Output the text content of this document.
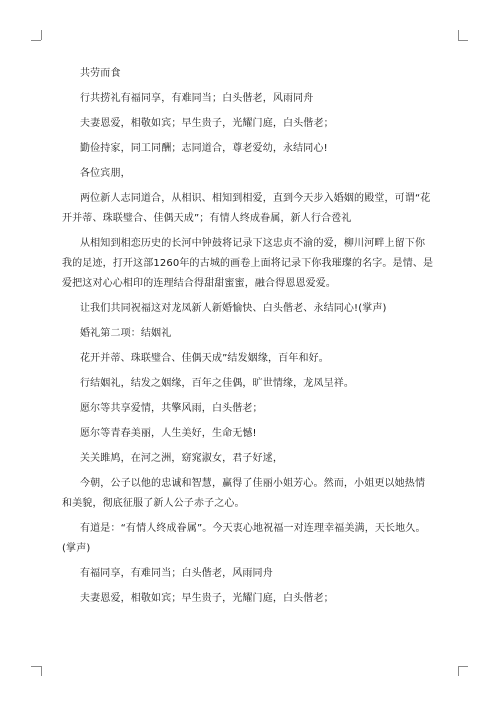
共劳而食

行共捞礼有福同享，有难同当；白头偕老，风雨同舟

夫妻恩爱，相敬如宾；早生贵子，光耀门庭，白头偕老；

勤俭持家，同工同酬；志同道合，尊老爱幼，永结同心!

各位宾朋，

两位新人志同道合，从相识、相知到相爱，直到今天步入婚姻的殿堂，可谓“花开并蒂、珠联璧合、佳偶天成”；有情人终成眷属，新人行合卺礼

从相知到相恋历史的长河中钟鼓将记录下这忠贞不渝的爱，柳川河畔上留下你我的足迹，打开这部1260年的古城的画卷上面将记录下你我璀璨的名字。是情、是爱把这对心心相印的连理结合得甜甜蜜蜜，融合得恩恩爱爱。

让我们共同祝福这对龙凤新人新婚愉快、白头偕老、永结同心!(掌声)

婚礼第二项：结姻礼

花开并蒂、珠联璧合、佳偶天成”结发姻缘，百年和好。

行结姻礼，结发之姻缘，百年之佳偶，旷世情缘，龙凤呈祥。

愿尔等共享爱情，共擎风雨，白头偕老；

愿尔等青春美丽，人生美好，生命无憾!

关关雎鸠，在河之洲，窈窕淑女，君子好逑，

今朝，公子以他的忠诚和智慧，赢得了佳丽小姐芳心。然而，小姐更以她热情和美貌，彻底征服了新人公子赤子之心。

有道是：“有情人终成眷属”。今天衷心地祝福一对连理幸福美满，天长地久。(掌声)

有福同享，有难同当；白头偕老，风雨同舟

夫妻恩爱，相敬如宾；早生贵子，光耀门庭，白头偕老；
